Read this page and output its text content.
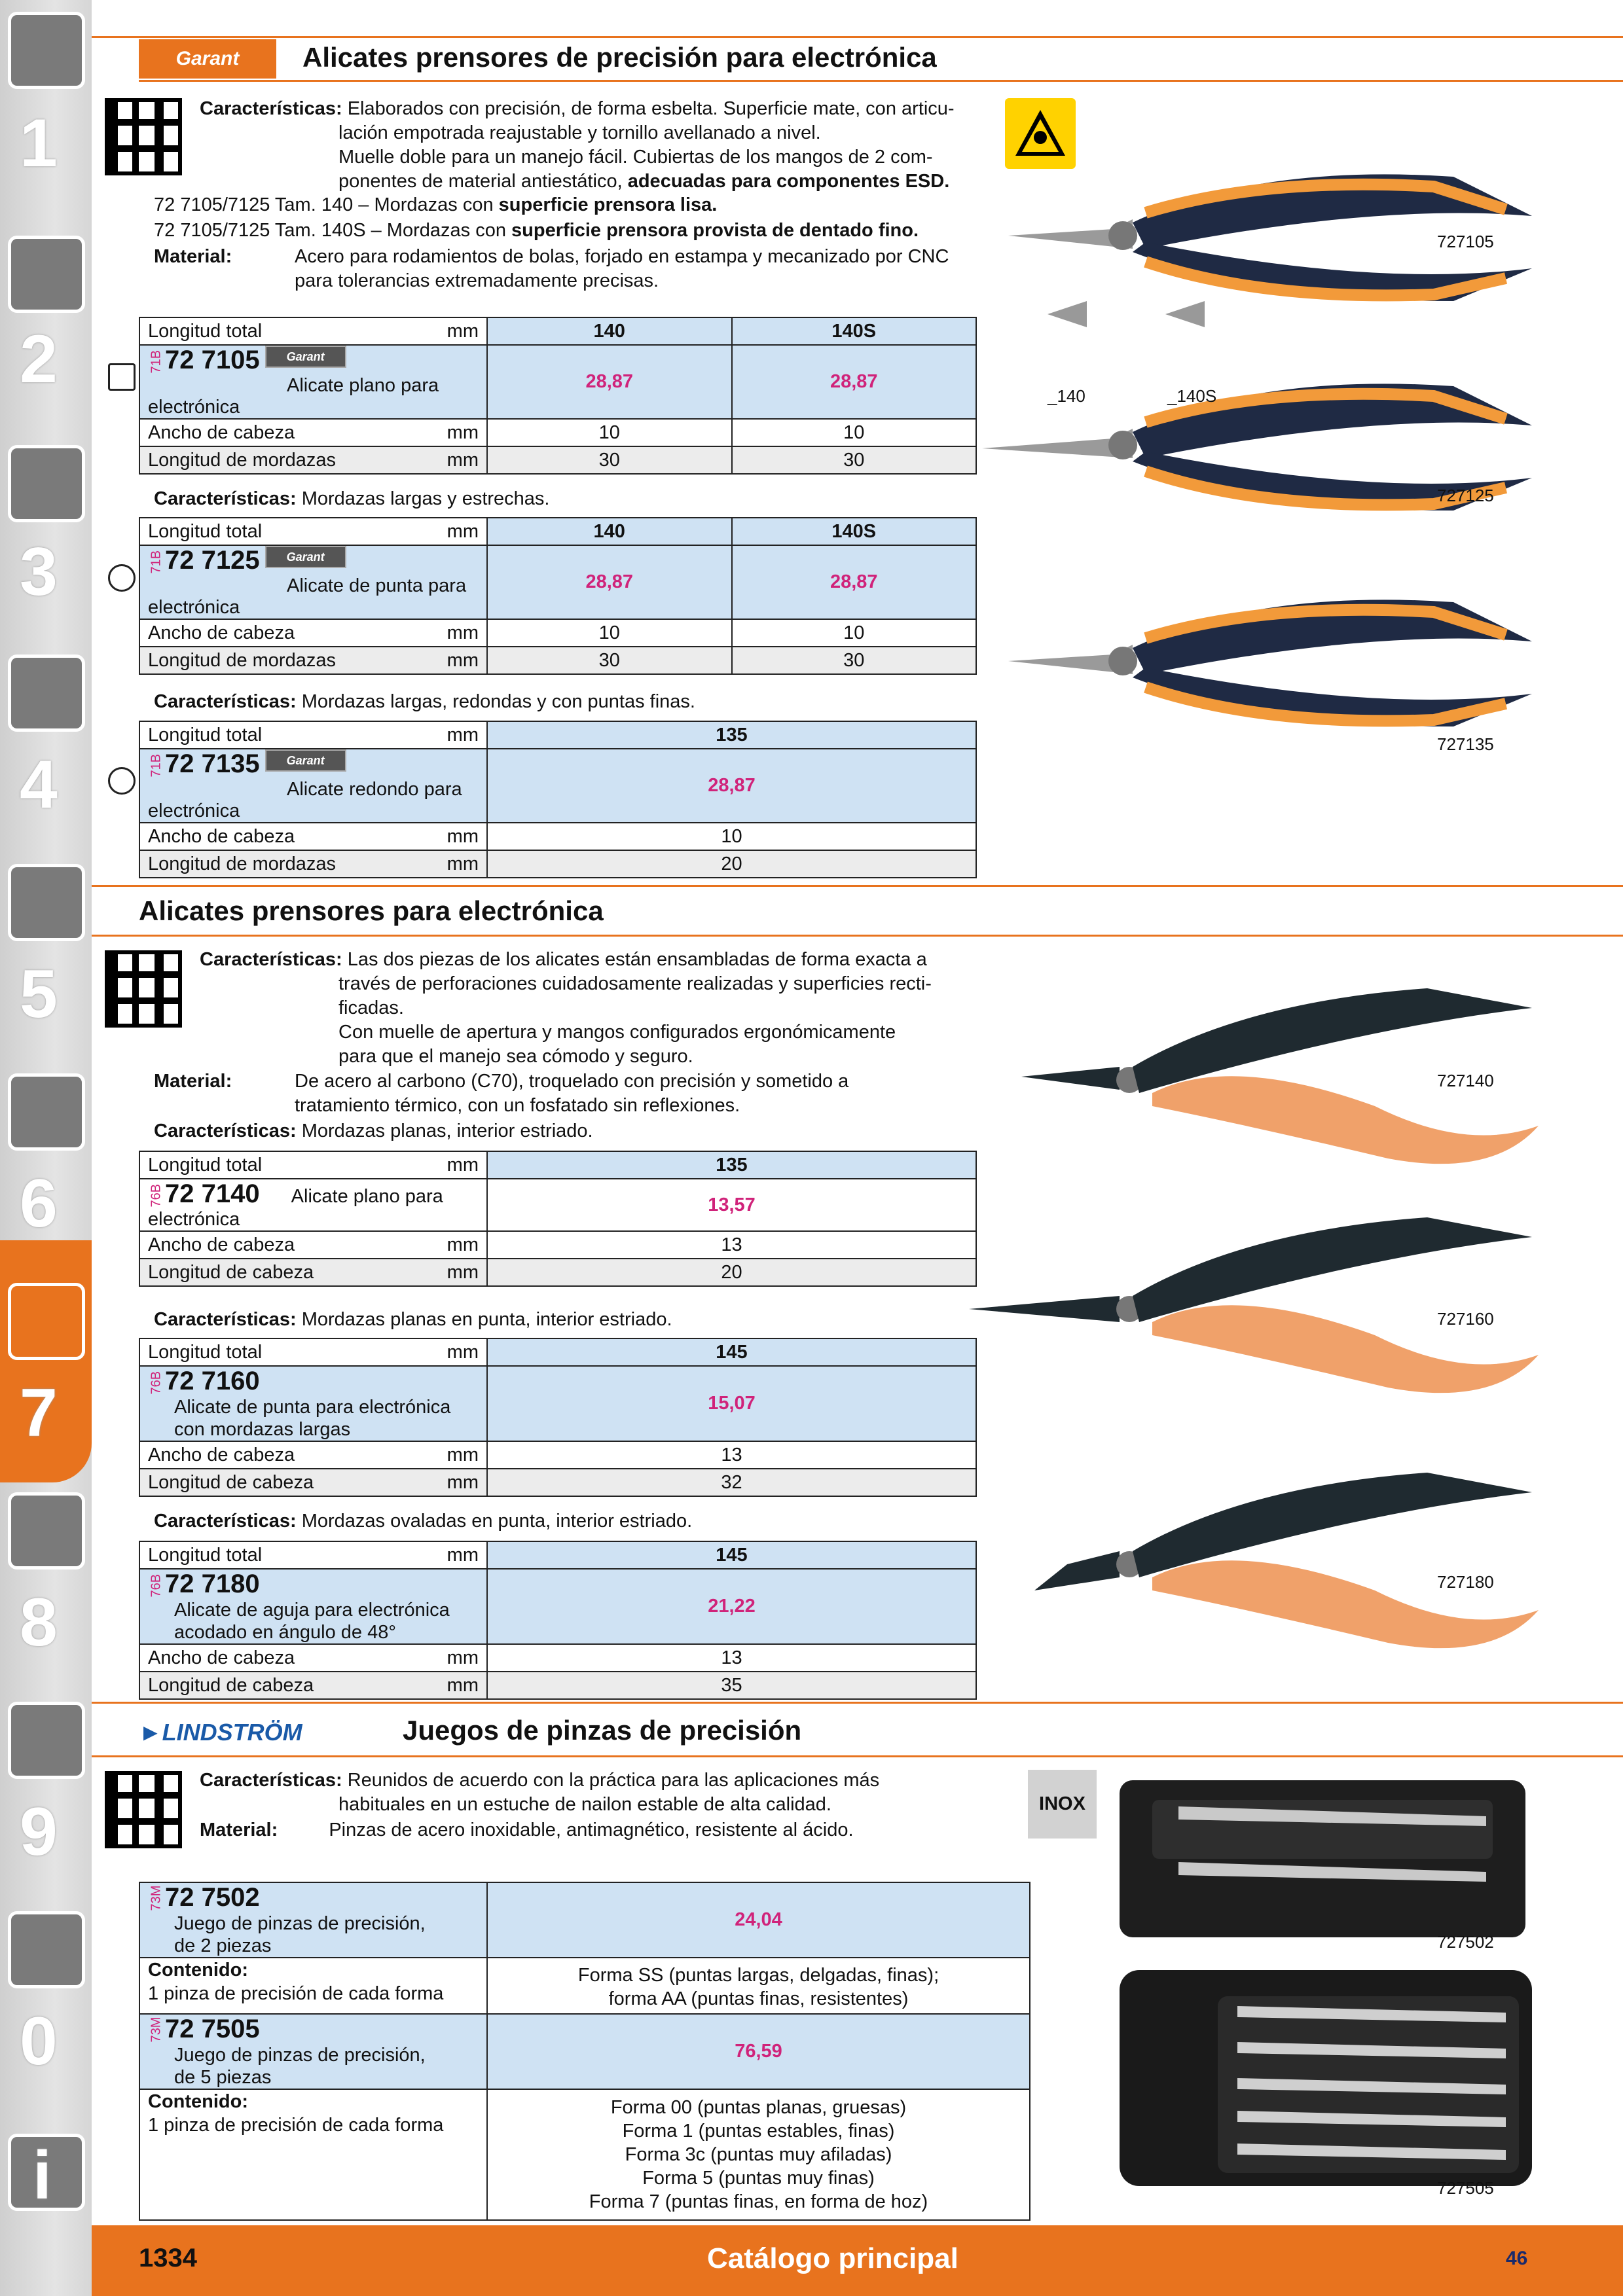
1
2
3
4
5
6
7
8
9
0
i
Garant	Alicates prensores de precisión para electrónica
Características: Elaborados con precisión, de forma esbelta. Superficie mate, con articu-
lación empotrada reajustable y tornillo avellanado a nivel.
Muelle doble para un manejo fácil. Cubiertas de los mangos de 2 com-
ponentes de material antiestático, adecuadas para componentes ESD.
72 7105/7125 Tam. 140 – Mordazas con superficie prensora lisa.
72 7105/7125 Tam. 140S – Mordazas con superficie prensora provista de dentado fino.
Material:	Acero para rodamientos de bolas, forjado en estampa y mecanizado por CNC
para tolerancias extremadamente precisas.
Longitud total mm	140	140S
71B72 7105 Garant
Alicate plano para electrónica	28,87	28,87
Ancho de cabeza mm	10	10
Longitud de mordazas mm	30	30
Características: Mordazas largas y estrechas.
Longitud total mm	140	140S
71B72 7125 Garant
Alicate de punta para electrónica	28,87	28,87
Ancho de cabeza mm	10	10
Longitud de mordazas mm	30	30
Características: Mordazas largas, redondas y con puntas finas.
Longitud total mm	135
71B72 7135 Garant
Alicate redondo para electrónica	28,87
Ancho de cabeza mm	10
Longitud de mordazas mm	20
727105
_140	_140S
727125
727135
Alicates prensores para electrónica
Características: Las dos piezas de los alicates están ensambladas de forma exacta a
través de perforaciones cuidadosamente realizadas y superficies recti-
ficadas.
Con muelle de apertura y mangos configurados ergonómicamente
para que el manejo sea cómodo y seguro.
Material:	De acero al carbono (C70), troquelado con precisión y sometido a
tratamiento térmico, con un fosfatado sin reflexiones.
Características: Mordazas planas, interior estriado.
Longitud total mm	135
76B72 7140 Alicate plano para electrónica	13,57
Ancho de cabeza mm	13
Longitud de cabeza mm	20
Características: Mordazas planas en punta, interior estriado.
Longitud total mm	145
76B72 7160 Alicate de punta para electrónica
con mordazas largas	15,07
Ancho de cabeza mm	13
Longitud de cabeza mm	32
Características: Mordazas ovaladas en punta, interior estriado.
Longitud total mm	145
76B72 7180 Alicate de aguja para electrónica
acodado en ángulo de 48°	21,22
Ancho de cabeza mm	13
Longitud de cabeza mm	35
727140
727160
727180
►LINDSTRÖM	Juegos de pinzas de precisión
Características: Reunidos de acuerdo con la práctica para las aplicaciones más
habituales en un estuche de nailon estable de alta calidad.
Material:	Pinzas de acero inoxidable, antimagnético, resistente al ácido.
INOX
73M72 7502 Juego de pinzas de precisión,
de 2 piezas	24,04
Contenido:
1 pinza de precisión de cada forma	Forma SS (puntas largas, delgadas, finas);
forma AA (puntas finas, resistentes)
73M72 7505 Juego de pinzas de precisión,
de 5 piezas	76,59
Contenido:
1 pinza de precisión de cada forma	Forma 00 (puntas planas, gruesas)
Forma 1 (puntas estables, finas)
Forma 3c (puntas muy afiladas)
Forma 5 (puntas muy finas)
Forma 7 (puntas finas, en forma de hoz)
727502
727505
1334	Catálogo principal	46
